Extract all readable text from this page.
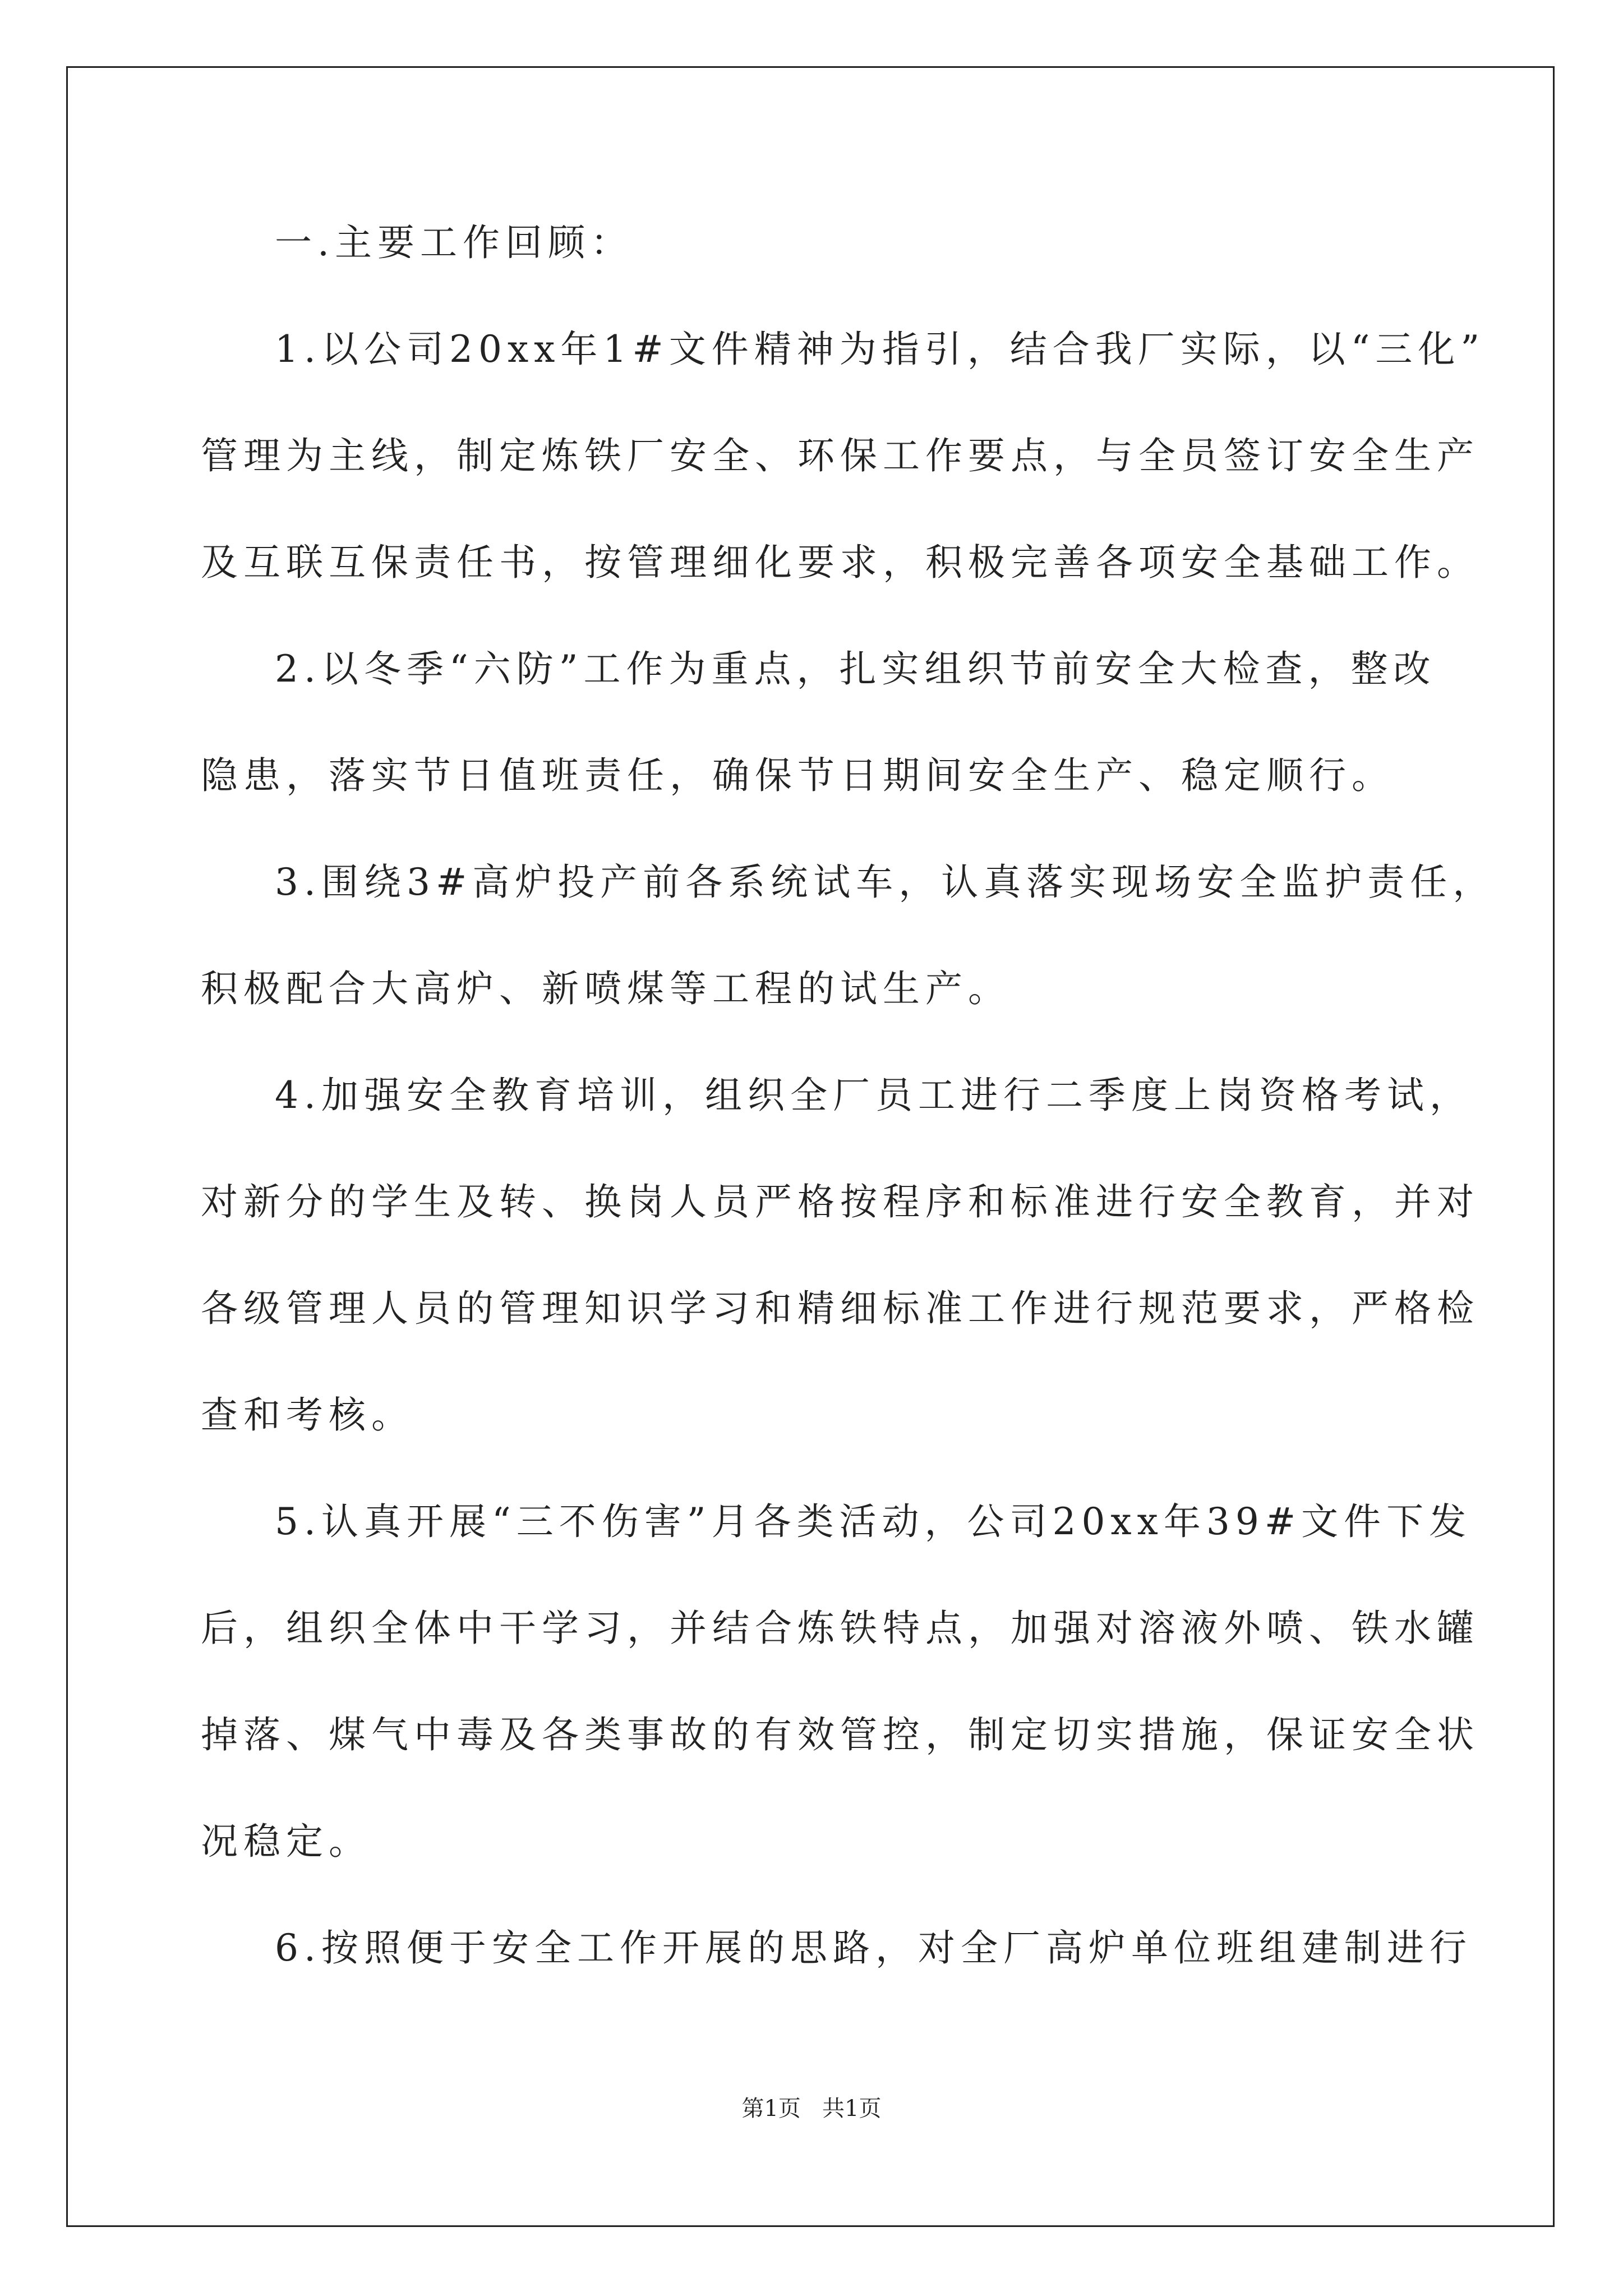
一.主要工作回顾：
1.以公司20xx年1#文件精神为指引，结合我厂实际，以“三化”
管理为主线，制定炼铁厂安全、环保工作要点，与全员签订安全生产
及互联互保责任书，按管理细化要求，积极完善各项安全基础工作。
2.以冬季“六防”工作为重点，扎实组织节前安全大检查，整改
隐患，落实节日值班责任，确保节日期间安全生产、稳定顺行。
3.围绕3#高炉投产前各系统试车，认真落实现场安全监护责任，
积极配合大高炉、新喷煤等工程的试生产。
4.加强安全教育培训，组织全厂员工进行二季度上岗资格考试，
对新分的学生及转、换岗人员严格按程序和标准进行安全教育，并对
各级管理人员的管理知识学习和精细标准工作进行规范要求，严格检
查和考核。
5.认真开展“三不伤害”月各类活动，公司20xx年39#文件下发
后，组织全体中干学习，并结合炼铁特点，加强对溶液外喷、铁水罐
掉落、煤气中毒及各类事故的有效管控，制定切实措施，保证安全状
况稳定。
6.按照便于安全工作开展的思路，对全厂高炉单位班组建制进行
第1页   共1页
